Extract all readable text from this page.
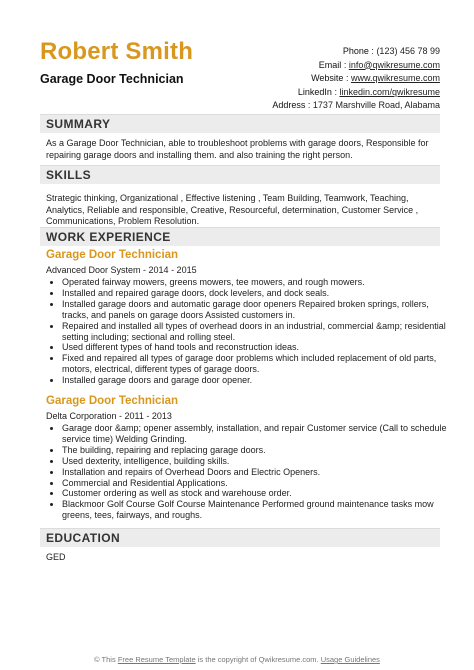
Robert Smith
Garage Door Technician
Phone : (123) 456 78 99
Email : info@qwikresume.com
Website : www.qwikresume.com
LinkedIn : linkedin.com/qwikresume
Address : 1737 Marshville Road, Alabama
SUMMARY
As a Garage Door Technician, able to troubleshoot problems with garage doors, Responsible for repairing garage doors and installing them. and also training the right person.
SKILLS
Strategic thinking, Organizational , Effective listening , Team Building, Teamwork, Teaching, Analytics, Reliable and responsible, Creative, Resourceful, determination, Customer Service , Communications, Problem Resolution.
WORK EXPERIENCE
Garage Door Technician
Advanced Door System - 2014 - 2015
• Operated fairway mowers, greens mowers, tee mowers, and rough mowers.
• Installed and repaired garage doors, dock levelers, and dock seals.
• Installed garage doors and automatic garage door openers Repaired broken springs, rollers, tracks, and panels on garage doors Assisted customers in.
• Repaired and installed all types of overhead doors in an industrial, commercial &amp; residential setting including; sectional and rolling steel.
• Used different types of hand tools and reconstruction ideas.
• Fixed and repaired all types of garage door problems which included replacement of old parts, motors, electrical, different types of garage doors.
• Installed garage doors and garage door opener.
Garage Door Technician
Delta Corporation - 2011 - 2013
• Garage door &amp; opener assembly, installation, and repair Customer service (Call to schedule service time) Welding Grinding.
• The building, repairing and replacing garage doors.
• Used dexterity, intelligence, building skills.
• Installation and repairs of Overhead Doors and Electric Openers.
• Commercial and Residential Applications.
• Customer ordering as well as stock and warehouse order.
• Blackmoor Golf Course Golf Course Maintenance Performed ground maintenance tasks mow greens, tees, fairways, and roughs.
EDUCATION
GED
© This Free Resume Template is the copyright of Qwikresume.com. Usage Guidelines
